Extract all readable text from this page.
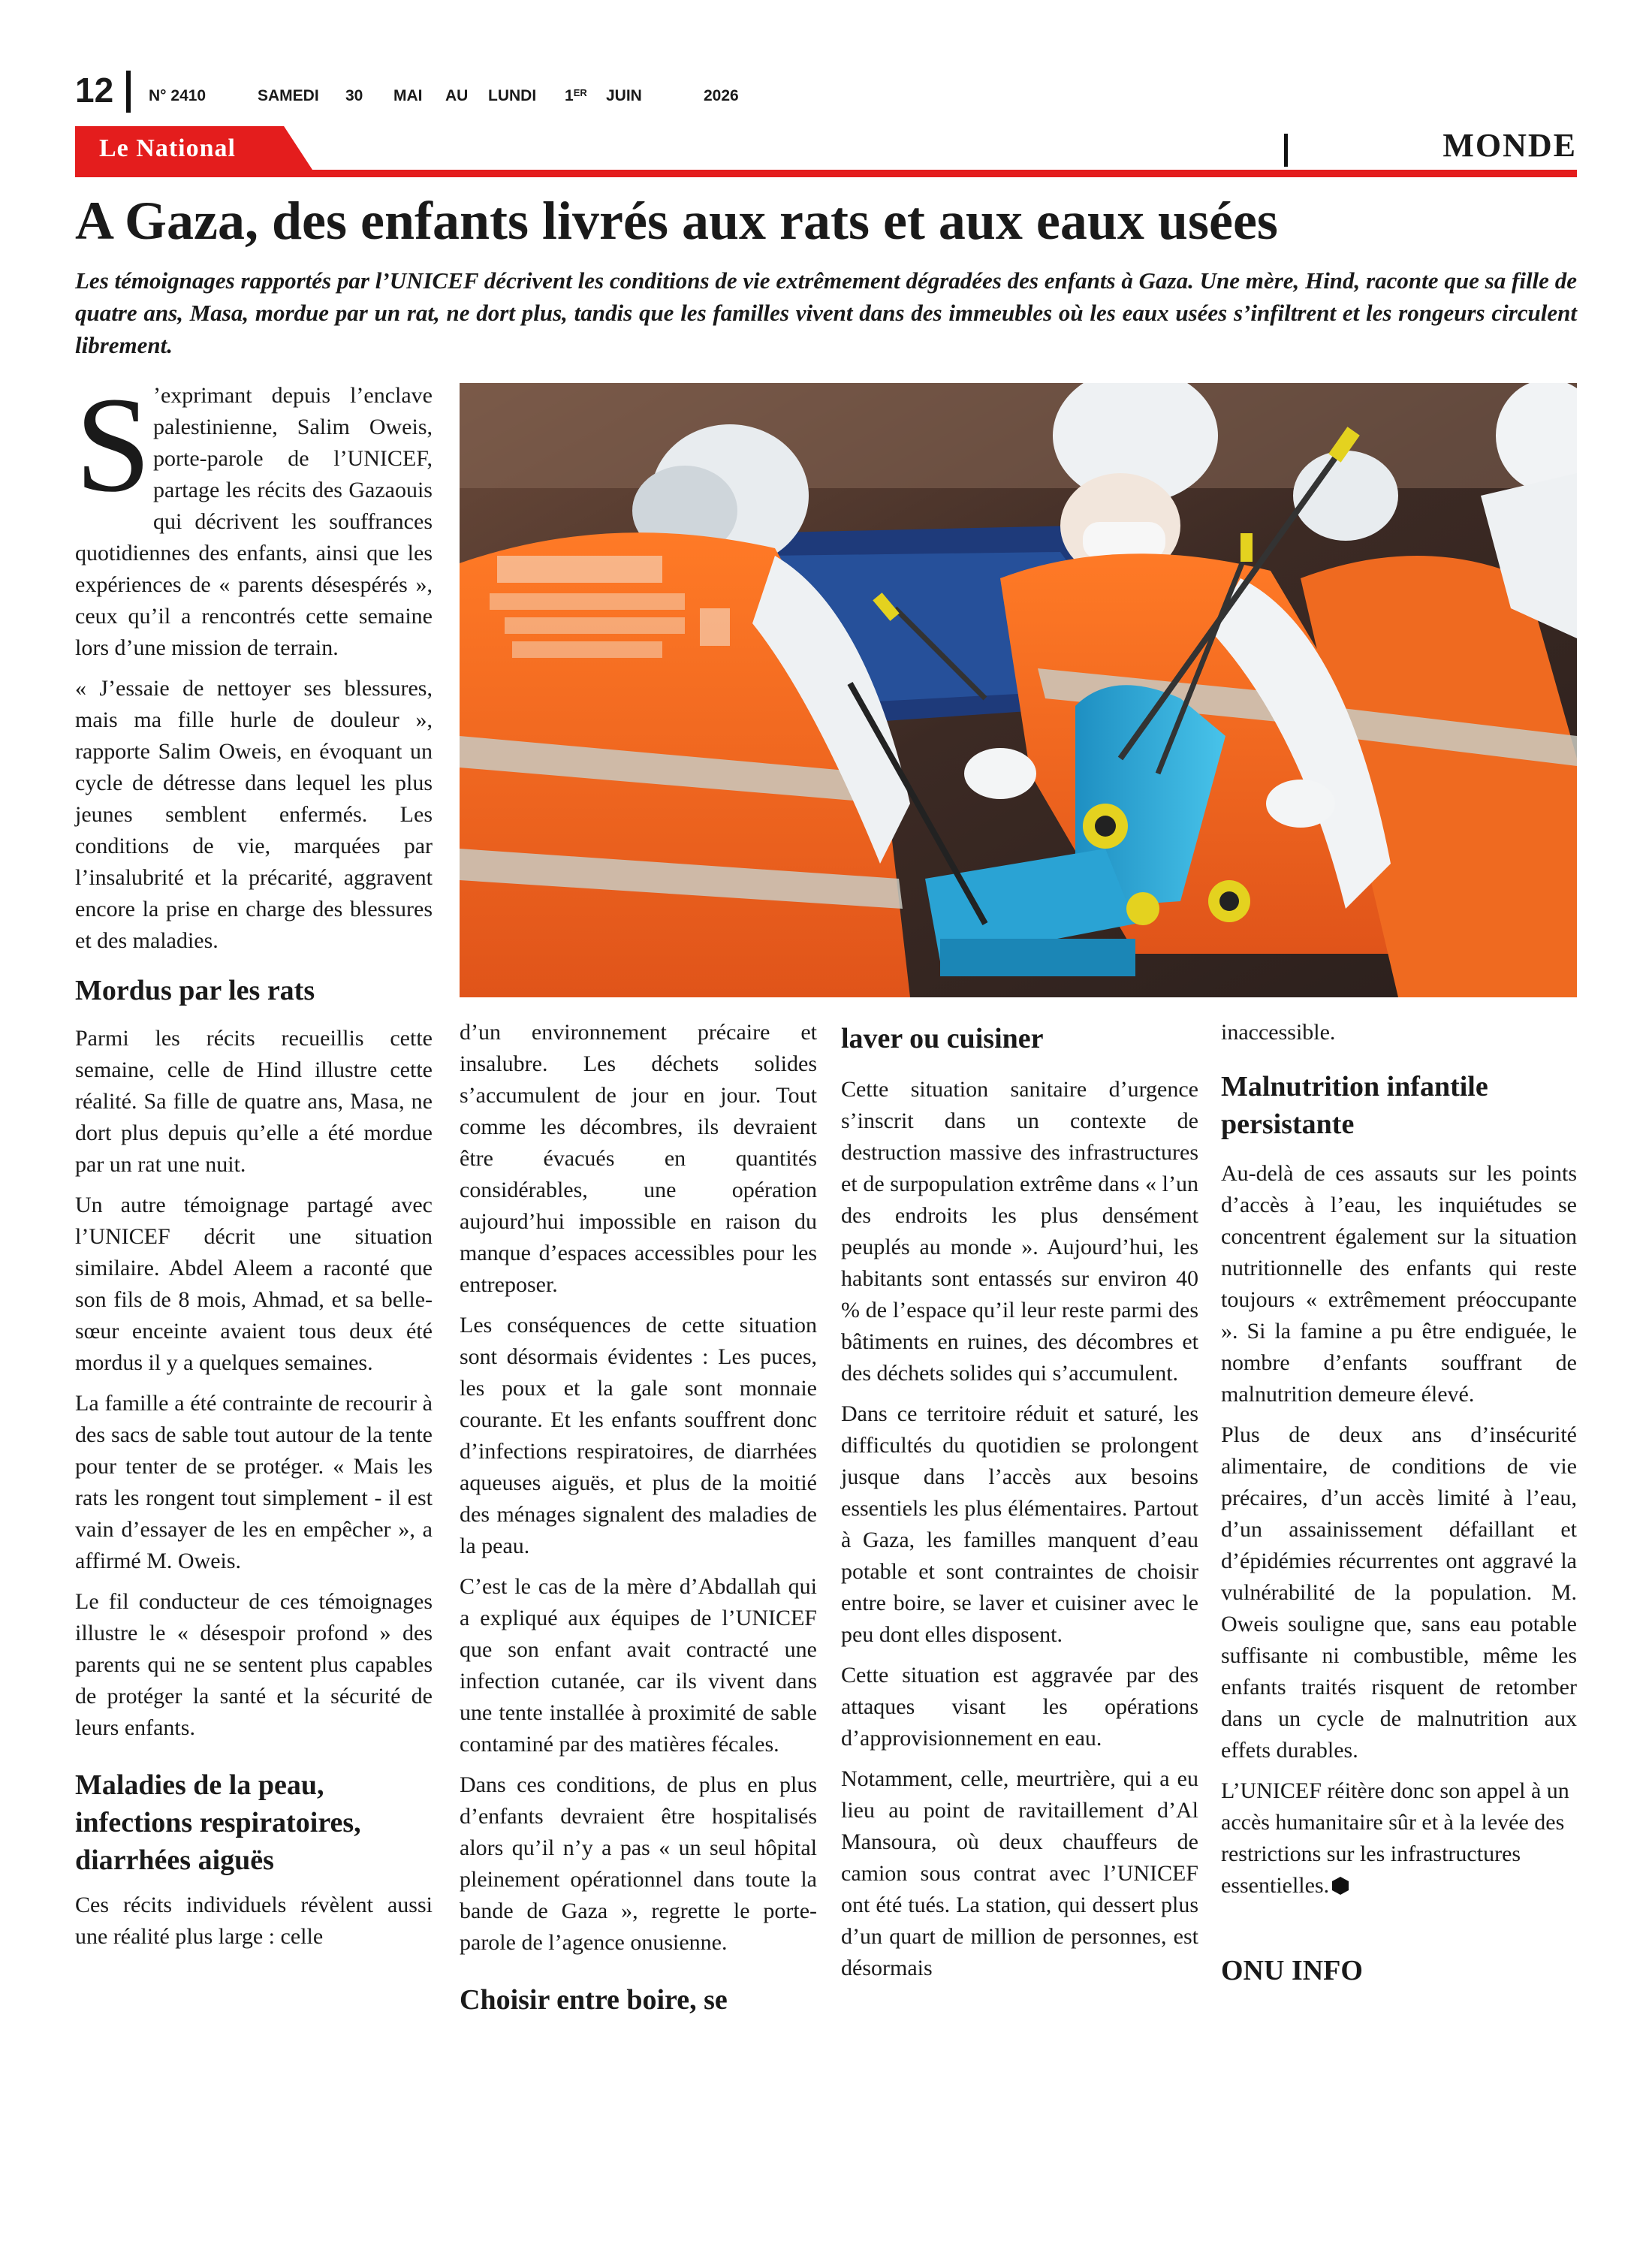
12 N° 2410	SAMEDI 30 MAI AU LUNDI 1ER JUIN	2026
Le National	MONDE
A Gaza, des enfants livrés aux rats et aux eaux usées
Les témoignages rapportés par l’UNICEF décrivent les conditions de vie extrêmement dégradées des enfants à Gaza. Une mère, Hind, raconte que sa fille de quatre ans, Masa, mordue par un rat, ne dort plus, tandis que les familles vivent dans des immeubles où les eaux usées s’infiltrent et les rongeurs circulent librement.
S ’exprimant depuis l’enclave palestinienne, Salim Oweis, porte-parole de l’UNICEF, partage les récits des Gazaouis qui décrivent les souffrances quotidiennes des enfants, ainsi que les expériences de « parents désespérés », ceux qu’il a rencontrés cette semaine lors d’une mission de terrain.

« J’essaie de nettoyer ses blessures, mais ma fille hurle de douleur », rapporte Salim Oweis, en évoquant un cycle de détresse dans lequel les plus jeunes semblent enfermés. Les conditions de vie, marquées par l’insalubrité et la précarité, aggravent encore la prise en charge des blessures et des maladies.

Mordus par les rats

Parmi les récits recueillis cette semaine, celle de Hind illustre cette réalité. Sa fille de quatre ans, Masa, ne dort plus depuis qu’elle a été mordue par un rat une nuit.

Un autre témoignage partagé avec l’UNICEF décrit une situation similaire. Abdel Aleem a raconté que son fils de 8 mois, Ahmad, et sa belle-sœur enceinte avaient tous deux été mordus il y a quelques semaines.

La famille a été contrainte de recourir à des sacs de sable tout autour de la tente pour tenter de se protéger. « Mais les rats les rongent tout simplement - il est vain d’essayer de les en empêcher », a affirmé M. Oweis.

Le fil conducteur de ces témoignages illustre le « désespoir profond » des parents qui ne se sentent plus capables de protéger la santé et la sécurité de leurs enfants.

Maladies de la peau, infections respiratoires, diarrhées aiguës

Ces récits individuels révèlent aussi une réalité plus large : celle

d’un environnement précaire et insalubre. Les déchets solides s’accumulent de jour en jour. Tout comme les décombres, ils devraient être évacués en quantités considérables, une opération aujourd’hui impossible en raison du manque d’espaces accessibles pour les entreposer.

Les conséquences de cette situation sont désormais évidentes : Les puces, les poux et la gale sont monnaie courante. Et les enfants souffrent donc d’infections respiratoires, de diarrhées aqueuses aiguës, et plus de la moitié des ménages signalent des maladies de la peau.

C’est le cas de la mère d’Abdallah qui a expliqué aux équipes de l’UNICEF que son enfant avait contracté une infection cutanée, car ils vivent dans une tente installée à proximité de sable contaminé par des matières fécales.

Dans ces conditions, de plus en plus d’enfants devraient être hospitalisés alors qu’il n’y a pas « un seul hôpital pleinement opérationnel dans toute la bande de Gaza », regrette le porte-parole de l’agence onusienne.

Choisir entre boire, se
laver ou cuisiner

Cette situation sanitaire d’urgence s’inscrit dans un contexte de destruction massive des infrastructures et de surpopulation extrême dans « l’un des endroits les plus densément peuplés au monde ». Aujourd’hui, les habitants sont entassés sur environ 40 % de l’espace qu’il leur reste parmi des bâtiments en ruines, des décombres et des déchets solides qui s’accumulent.

Dans ce territoire réduit et saturé, les difficultés du quotidien se prolongent jusque dans l’accès aux besoins essentiels les plus élémentaires. Partout à Gaza, les familles manquent d’eau potable et sont contraintes de choisir entre boire, se laver et cuisiner avec le peu dont elles disposent.

Cette situation est aggravée par des attaques visant les opérations d’approvisionnement en eau.

Notamment, celle, meurtrière, qui a eu lieu au point de ravitaillement d’Al Mansoura, où deux chauffeurs de camion sous contrat avec l’UNICEF ont été tués. La station, qui dessert plus d’un quart de million de personnes, est désormais

inaccessible.

Malnutrition infantile persistante

Au-delà de ces assauts sur les points d’accès à l’eau, les inquiétudes se concentrent également sur la situation nutritionnelle des enfants qui reste toujours « extrêmement préoccupante ». Si la famine a pu être endiguée, le nombre d’enfants souffrant de malnutrition demeure élevé.

Plus de deux ans d’insécurité alimentaire, de conditions de vie précaires, d’un accès limité à l’eau, d’un assainissement défaillant et d’épidémies récurrentes ont aggravé la vulnérabilité de la population. M. Oweis souligne que, sans eau potable suffisante ni combustible, même les enfants traités risquent de retomber dans un cycle de malnutrition aux effets durables.

L’UNICEF réitère donc son appel à un accès humanitaire sûr et à la levée des restrictions sur les infrastructures essentielles.

ONU INFO
